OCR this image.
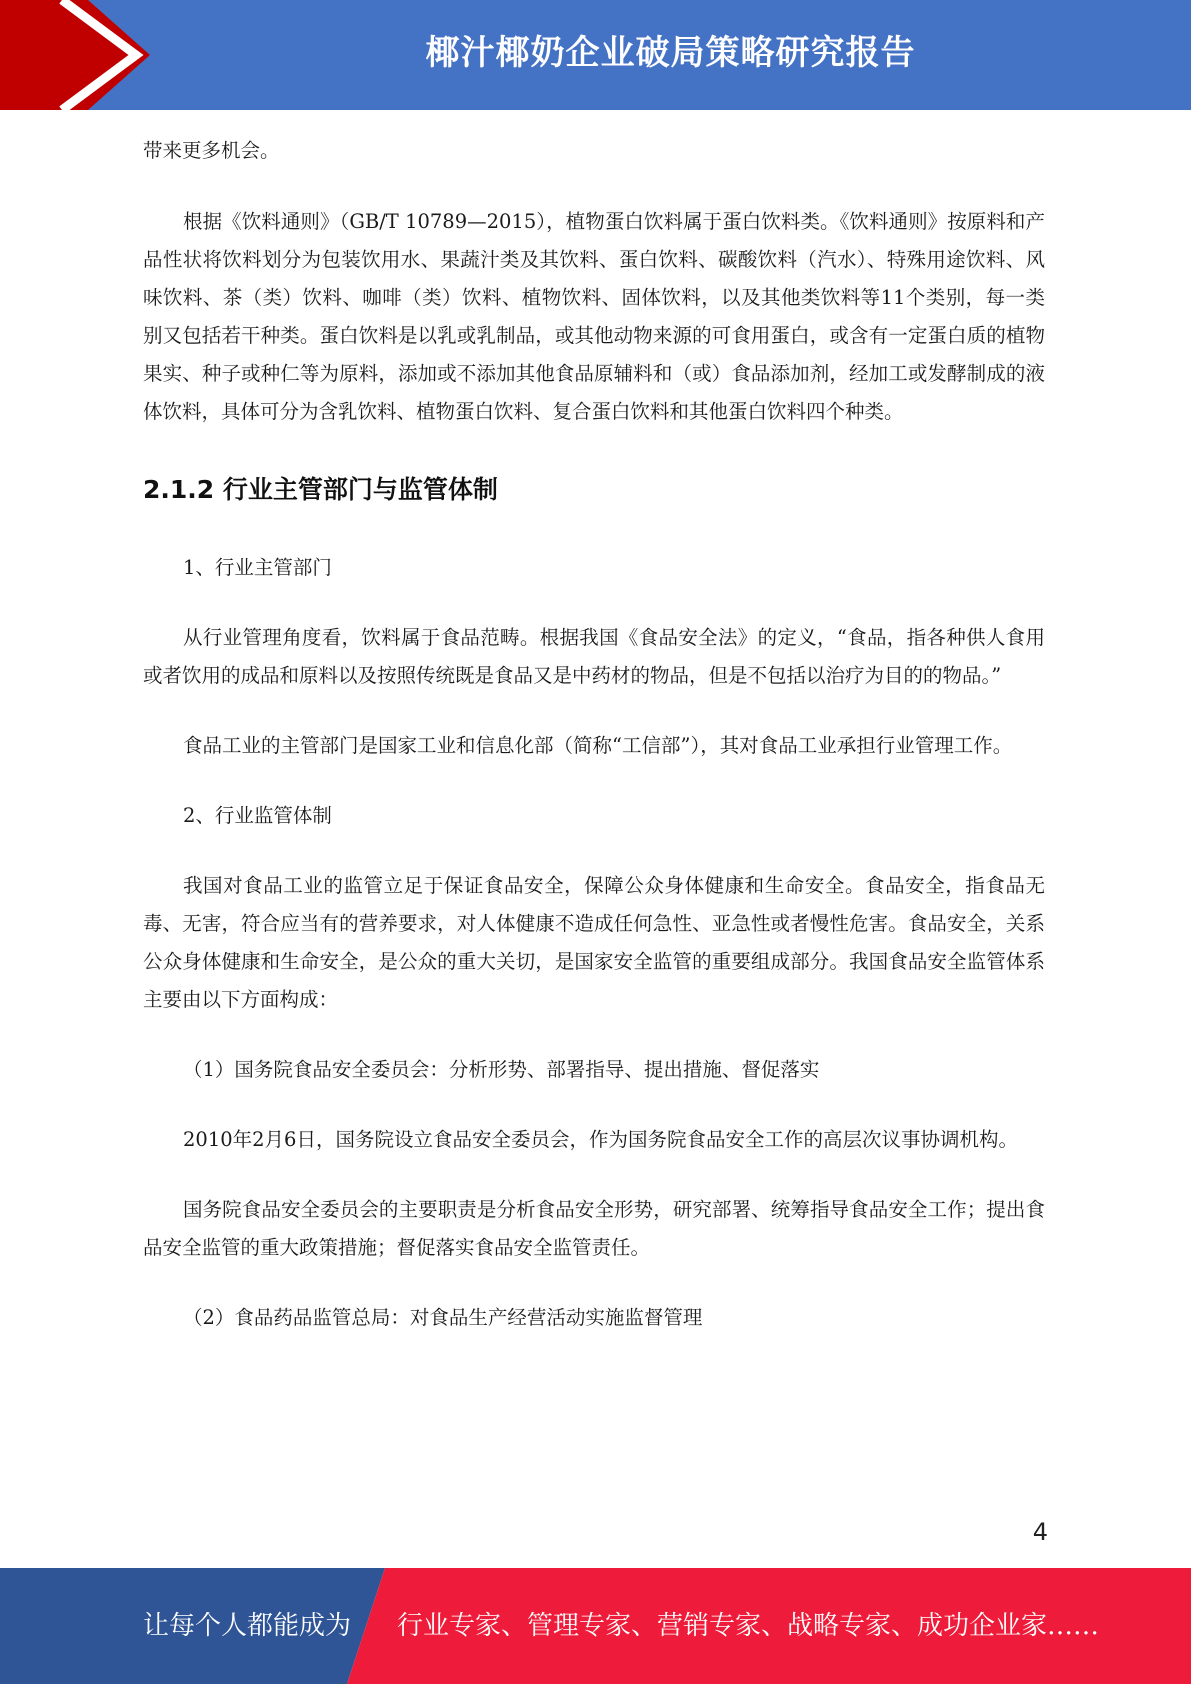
椰汁椰奶企业破局策略研究报告

带来更多机会。

根据《饮料通则》（GB/T 10789—2015），植物蛋白饮料属于蛋白饮料类。《饮料通则》按原料和产品性状将饮料划分为包装饮用水、果蔬汁类及其饮料、蛋白饮料、碳酸饮料（汽水）、特殊用途饮料、风味饮料、茶（类）饮料、咖啡（类）饮料、植物饮料、固体饮料，以及其他类饮料等11个类别，每一类别又包括若干种类。蛋白饮料是以乳或乳制品，或其他动物来源的可食用蛋白，或含有一定蛋白质的植物果实、种子或种仁等为原料，添加或不添加其他食品原辅料和（或）食品添加剂，经加工或发酵制成的液体饮料，具体可分为含乳饮料、植物蛋白饮料、复合蛋白饮料和其他蛋白饮料四个种类。

2.1.2 行业主管部门与监管体制

1、行业主管部门

从行业管理角度看，饮料属于食品范畴。根据我国《食品安全法》的定义，“食品，指各种供人食用或者饮用的成品和原料以及按照传统既是食品又是中药材的物品，但是不包括以治疗为目的的物品。”

食品工业的主管部门是国家工业和信息化部（简称“工信部”），其对食品工业承担行业管理工作。

2、行业监管体制

我国对食品工业的监管立足于保证食品安全，保障公众身体健康和生命安全。食品安全，指食品无毒、无害，符合应当有的营养要求，对人体健康不造成任何急性、亚急性或者慢性危害。食品安全，关系公众身体健康和生命安全，是公众的重大关切，是国家安全监管的重要组成部分。我国食品安全监管体系主要由以下方面构成：

（1）国务院食品安全委员会：分析形势、部署指导、提出措施、督促落实

2010年2月6日，国务院设立食品安全委员会，作为国务院食品安全工作的高层次议事协调机构。

国务院食品安全委员会的主要职责是分析食品安全形势，研究部署、统筹指导食品安全工作；提出食品安全监管的重大政策措施；督促落实食品安全监管责任。

（2）食品药品监管总局：对食品生产经营活动实施监督管理

4
让每个人都能成为 行业专家、管理专家、营销专家、战略专家、成功企业家……
